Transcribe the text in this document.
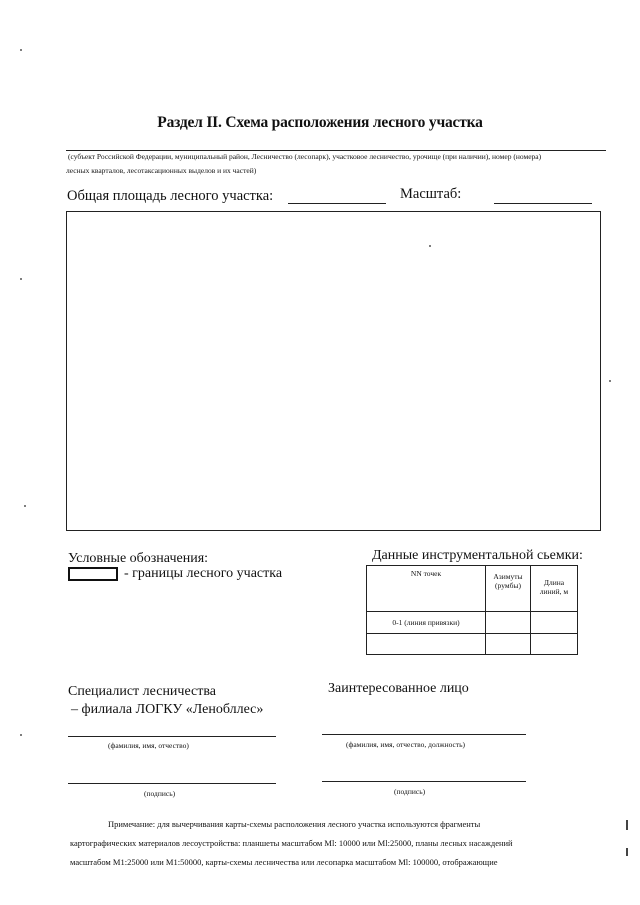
Раздел II. Схема расположения лесного участка
(субъект Российской Федерации, муниципальный район, Лесничество (лесопарк), участковое лесничество, урочище (при наличии), номер (номера)
лесных кварталов, лесотаксационных выделов и их частей)
Общая площадь лесного участка:	Масштаб:
Условные обозначения:
- границы лесного участка
Данные инструментальной сьемки:
NN точек	Азимуты (румбы)	Длина линий, м

0-1 (линия привязки)		

Специалист лесничества
– филиала ЛОГКУ «Ленобллес»
Заинтересованное лицо
(фамилия, имя, отчество)	(фамилия, имя, отчество, должность)
(подпись)	(подпись)
Примечание: для вычерчивания карты-схемы расположения лесного участка используются фрагменты
картографических материалов лесоустройства: планшеты масштабом Ml: 10000 или Ml:25000, планы лесных насаждений
масштабом M1:25000 или M1:50000, карты-схемы лесничества или лесопарка масштабом Ml: 100000, отображающие
